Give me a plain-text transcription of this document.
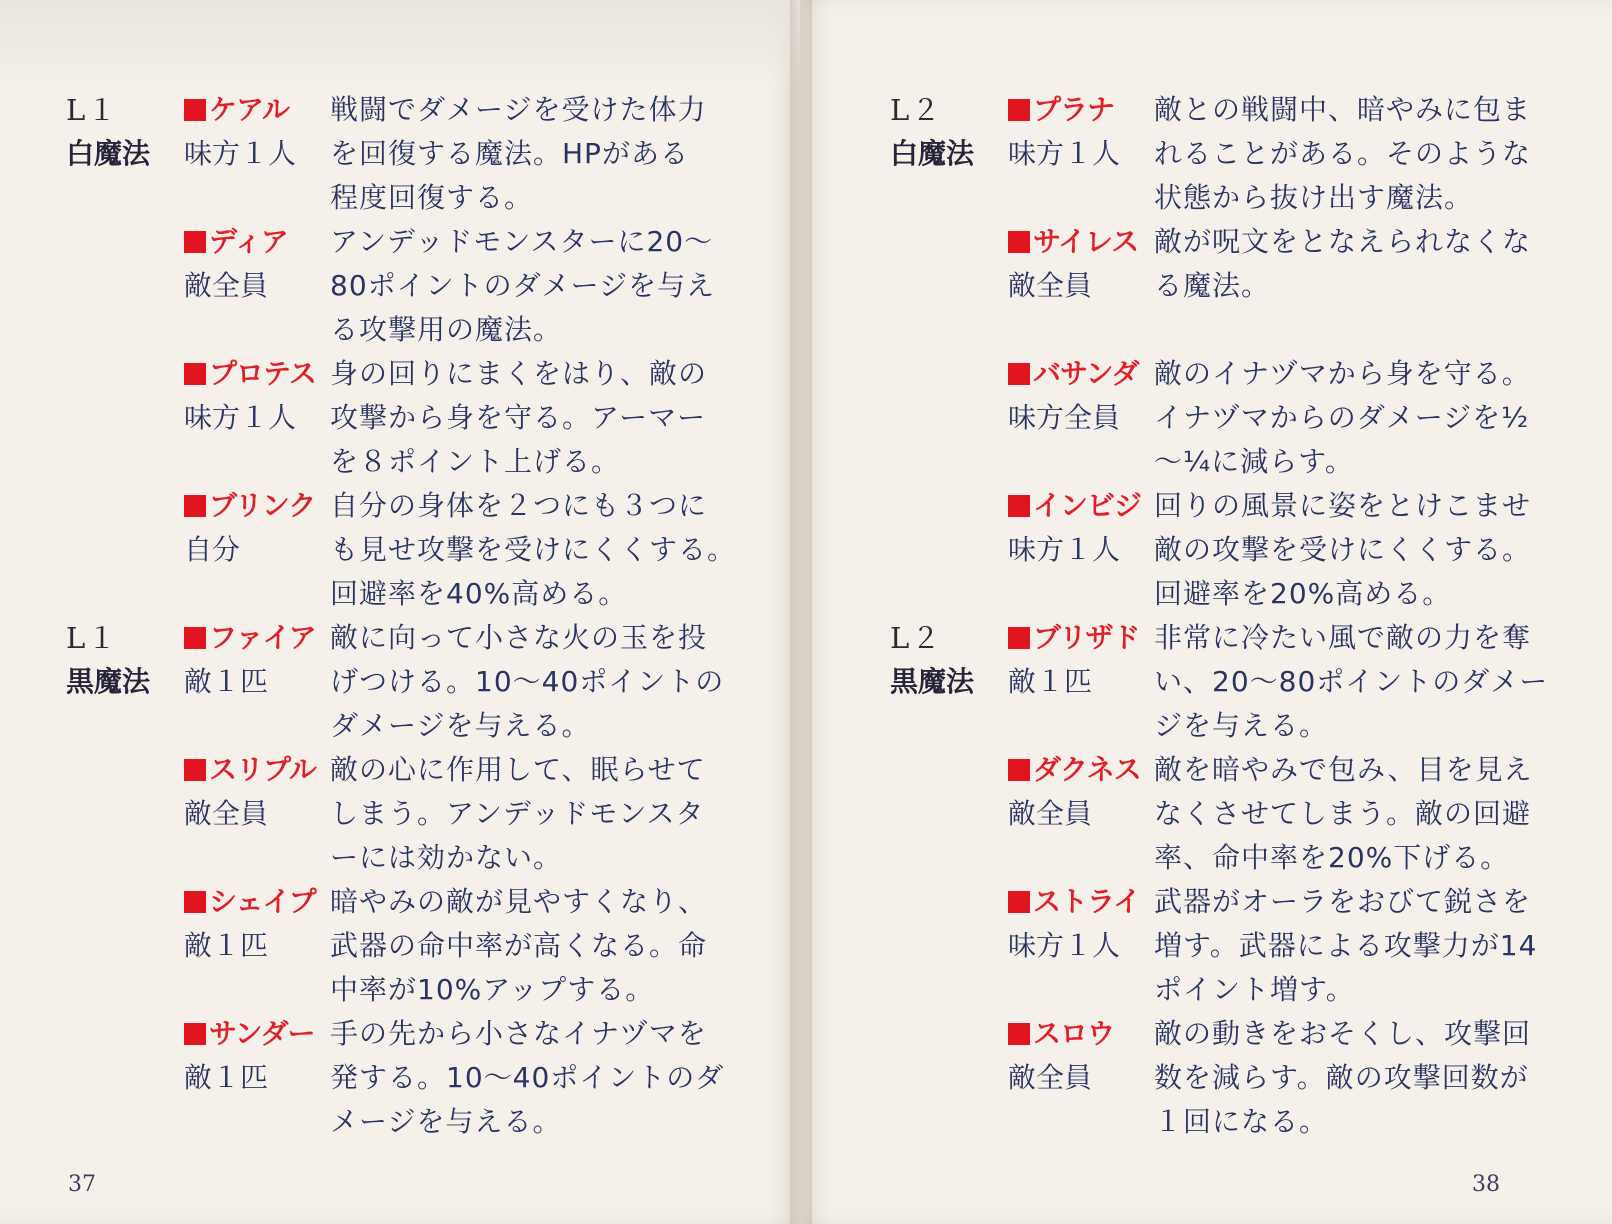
L１	ケアル	戦闘でダメージを受けた体力
白魔法	味方１人	を回復する魔法。HPがある
程度回復する。
ディア	アンデッドモンスターに20～
敵全員	80ポイントのダメージを与え
る攻撃用の魔法。
プロテス 身の回りにまくをはり、敵の
味方１人	攻撃から身を守る。アーマー
を８ポイント上げる。
ブリンク 自分の身体を２つにも３つに
自分	も見せ攻撃を受けにくくする。
回避率を40%高める。
L１	ファイア 敵に向って小さな火の玉を投
黒魔法	敵１匹	げつける。10～40ポイントの
ダメージを与える。
スリプル 敵の心に作用して、眠らせて
敵全員	しまう。アンデッドモンスタ
ーには効かない。
シェイプ 暗やみの敵が見やすくなり、
敵１匹	武器の命中率が高くなる。命
中率が10%アップする。
サンダー 手の先から小さなイナヅマを
敵１匹	発する。10～40ポイントのダ
メージを与える。
37
L２	プラナ	敵との戦闘中、暗やみに包ま
白魔法	味方１人	れることがある。そのような
状態から抜け出す魔法。
サイレス 敵が呪文をとなえられなくな
敵全員	る魔法。
バサンダ 敵のイナヅマから身を守る。
味方全員	イナヅマからのダメージを½
～¼に減らす。
インビジ 回りの風景に姿をとけこませ
味方１人	敵の攻撃を受けにくくする。
回避率を20%高める。
L２	ブリザド 非常に冷たい風で敵の力を奪
黒魔法	敵１匹	い、20～80ポイントのダメー
ジを与える。
ダクネス 敵を暗やみで包み、目を見え
敵全員	なくさせてしまう。敵の回避
率、命中率を20%下げる。
ストライ 武器がオーラをおびて鋭さを
味方１人	増す。武器による攻撃力が14
ポイント増す。
スロウ	敵の動きをおそくし、攻撃回
敵全員	数を減らす。敵の攻撃回数が
１回になる。
38
